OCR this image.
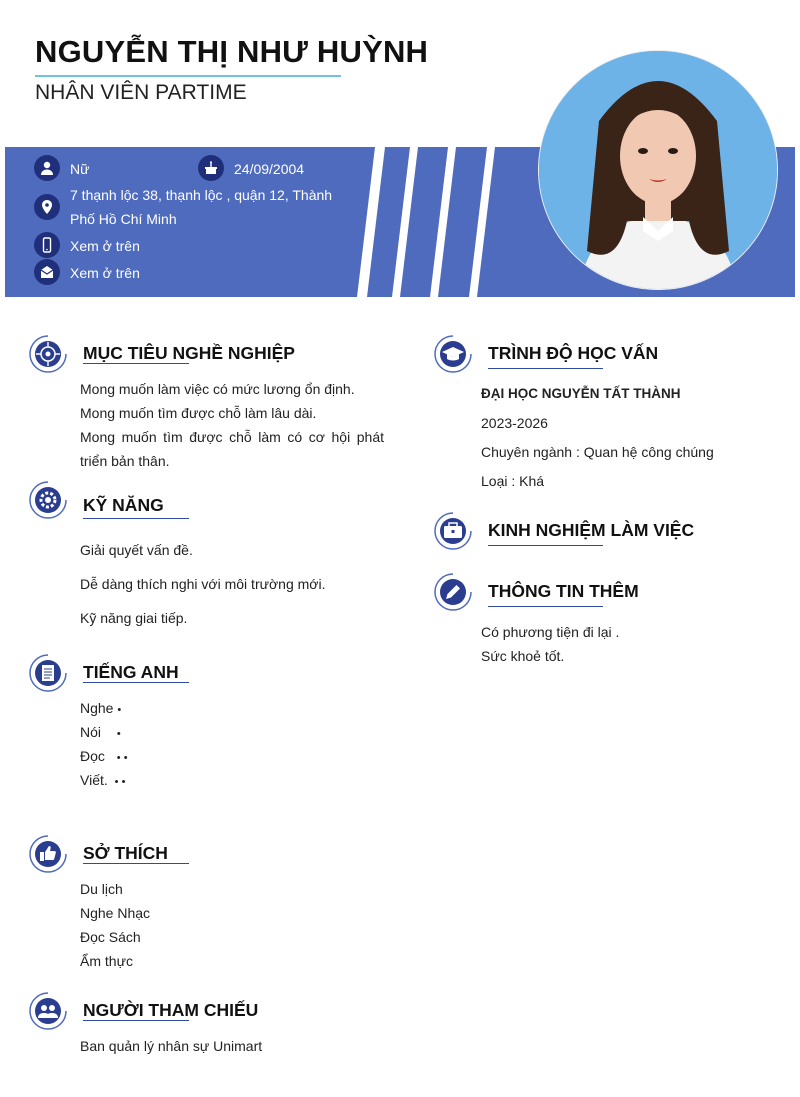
NGUYỄN THỊ NHƯ HUỲNH
NHÂN VIÊN PARTIME
Nữ	24/09/2004
7 thạnh lộc 38, thạnh lộc , quận 12, Thành
Phố Hồ Chí Minh
Xem ở trên
Xem ở trên
MỤC TIÊU NGHỀ NGHIỆP
Mong muốn làm việc có mức lương ổn định.
Mong muốn tìm được chỗ làm lâu dài.
Mong muốn tìm được chỗ làm có cơ hội phát triển bản thân.
KỸ NĂNG
Giải quyết vấn đề.
Dễ dàng thích nghi với môi trường mới.
Kỹ năng giai tiếp.
TIẾNG ANH
Nghe •
Nói •
Đọc • •
Viết. • •
SỞ THÍCH
Du lịch
Nghe Nhạc
Đọc Sách
Ẩm thực
NGƯỜI THAM CHIẾU
Ban quản lý nhân sự Unimart
TRÌNH ĐỘ HỌC VẤN
ĐẠI HỌC NGUYỄN TẤT THÀNH
2023-2026
Chuyên ngành : Quan hệ công chúng
Loại : Khá
KINH NGHIỆM LÀM VIỆC
THÔNG TIN THÊM
Có phương tiện đi lại .
Sức khoẻ tốt.
